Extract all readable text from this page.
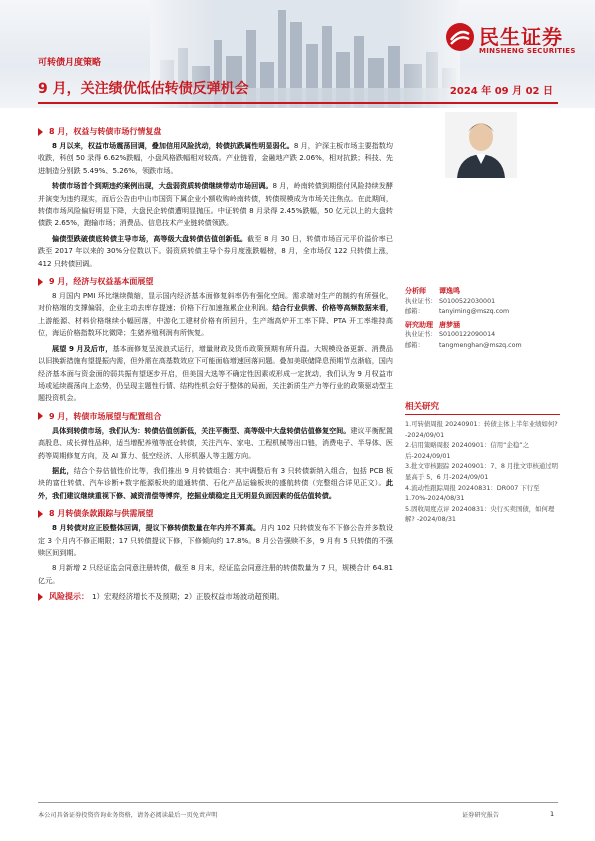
民生证券
MINSHENG SECURITIES
可转债月度策略
9 月，关注绩优低估转债反弹机会	2024 年 09 月 02 日
8 月，权益与转债市场行情复盘

8 月以来，权益市场震荡回调，叠加信用风险扰动，转债抗跌属性明显弱化。8 月，沪深主板市场主要指数均收跌，科创 50 录得 6.62%跌幅，小盘风格跌幅相对较高。产业链看，金融地产跌 2.06%，相对抗跌；科技、先进制造分别跌 5.49%、5.26%，领跌市场。

转债市场首个到期违约案例出现，大盘弱资质转债继续带动市场回调。8 月，岭南转债到期偿付风险持续发酵并演变为违约现实，而后公告由中山市国资下属企业小额收购岭南转债，转债规模成为市场关注焦点。在此期间，转债市场风险偏好明显下降，大盘民企转债遭明显抛压。中证转债 8 月录得 2.45%跌幅，50 亿元以上的大盘转债跌 2.65%，跑输市场；消费品、信息技术产业链转债领跌。

偏债型跌破债底转债主导市场，高等级大盘转债估值创新低。截至 8 月 30 日，转债市场百元平价溢价率已跌至 2017 年以来的 30%分位数以下。弱资质转债主导个券月度涨跌幅榜，8 月，全市场仅 122 只转债上涨，412 只转债回调。

9 月，经济与权益基本面展望

8 月国内 PMI 环比继续微缩，显示国内经济基本面修复斜率仍有强化空间。需求端对生产的制约有所强化，对价格端的支撑偏弱，企业主动去库存提速；价格下行加速拖累企业利润。结合行业供需、价格等高频数据来看，上游能源、材料价格继续小幅回落，中游化工建材价格有所回升，生产端高炉开工率下降、PTA 开工率维持高位，海运价格指数环比微降；生猪养殖利润有所恢复。

展望 9 月及后市，基本面修复呈波浪式运行，增量财政及货币政策预期有所升温。大规模设备更新、消费品以旧换新措施有望提振内需，但外需在高基数效应下可能面临增速回落问题。叠加美联储降息预期节点渐临，国内经济基本面与资金面的弱共振有望逐步开启，但美国大选等不确定性因素或形成一定扰动，我们认为 9 月权益市场或延续震荡向上态势，仍呈现主题性行情、结构性机会好于整体的局面，关注新质生产力等行业的政策驱动型主题投资机会。

9 月，转债市场展望与配置组合

具体到转债市场，我们认为：转债估值创新低，关注平衡型、高等级中大盘转债估值修复空间。建议平衡配置高股息、成长弹性品种，适当增配养殖等底仓转债，关注汽车、家电、工程机械等出口链，消费电子、半导体、医药等周期修复方向，及 AI 算力、低空经济、人形机器人等主题方向。

据此，结合个券估值性价比等，我们推出 9 月转债组合：其中调整后有 3 只转债新纳入组合，包括 PCB 板块的富仕转债、汽车诊断+数字能源板块的道通转债、石化产品运输板块的盛航转债（完整组合详见正文）。此外，我们建议继续重视下修、减资清偿等博弈，挖掘业绩稳定且无明显负面因素的低估值转债。

8 月转债条款跟踪与供需展望

8 月转债对应正股整体回调，提议下修转债数量在年内并不算高。月内 102 只转债发布不下修公告并多数设定 3 个月内不修正期限；17 只转债提议下修，下修倾向约 17.8%。8 月公告强赎不多，9 月有 5 只转债的不强赎区间到期。

8 月新增 2 只经证监会同意注册转债，截至 8 月末，经证监会同意注册的转债数量为 7 只，规模合计 64.81 亿元。

风险提示： 1）宏观经济增长不及预期；2）正股权益市场波动超预期。
分析师	谭逸鸣
执业证书： S0100522030001
邮箱：	tanyiming@mszq.com
研究助理 唐梦涵
执业证书： S0100122090014
邮箱：	tangmenghan@mszq.com
相关研究
1.可转债周报 20240901：转债主体上半年业绩如何? -2024/09/01
2.信用策略周报 20240901：信用“企稳”之后-2024/09/01
3.批文审核跟踪 20240901：7、8 月批文审核通过明显高于 5、6 月-2024/09/01
4.流动性跟踪周报 20240831：DR007 下行至 1.70%-2024/08/31
5.固收周度点评 20240831：央行买卖国债，如何理解? -2024/08/31
本公司具备证券投资咨询业务资格，请务必阅读最后一页免责声明	证券研究报告	1
